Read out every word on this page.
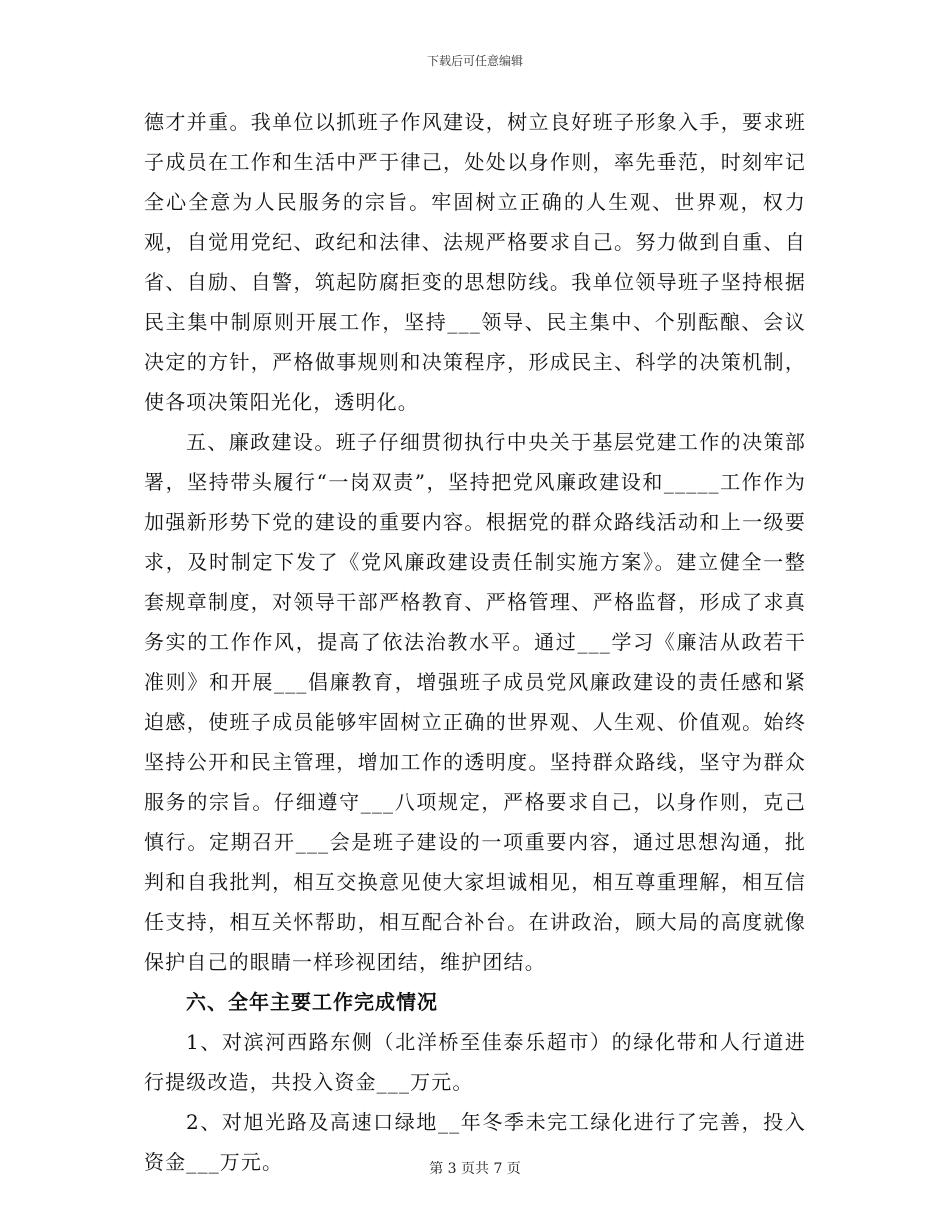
下载后可任意编辑

德才并重。我单位以抓班子作风建设，树立良好班子形象入手，要求班子成员在工作和生活中严于律己，处处以身作则，率先垂范，时刻牢记全心全意为人民服务的宗旨。牢固树立正确的人生观、世界观，权力观，自觉用党纪、政纪和法律、法规严格要求自己。努力做到自重、自省、自励、自警，筑起防腐拒变的思想防线。我单位领导班子坚持根据民主集中制原则开展工作，坚持___领导、民主集中、个别酝酿、会议决定的方针，严格做事规则和决策程序，形成民主、科学的决策机制，使各项决策阳光化，透明化。

五、廉政建设。班子仔细贯彻执行中央关于基层党建工作的决策部署，坚持带头履行“一岗双责”，坚持把党风廉政建设和_____工作作为加强新形势下党的建设的重要内容。根据党的群众路线活动和上一级要求，及时制定下发了《党风廉政建设责任制实施方案》。建立健全一整套规章制度，对领导干部严格教育、严格管理、严格监督，形成了求真务实的工作作风，提高了依法治教水平。通过___学习《廉洁从政若干准则》和开展___倡廉教育，增强班子成员党风廉政建设的责任感和紧迫感，使班子成员能够牢固树立正确的世界观、人生观、价值观。始终坚持公开和民主管理，增加工作的透明度。坚持群众路线，坚守为群众服务的宗旨。仔细遵守___八项规定，严格要求自己，以身作则，克己慎行。定期召开___会是班子建设的一项重要内容，通过思想沟通，批判和自我批判，相互交换意见使大家坦诚相见，相互尊重理解，相互信任支持，相互关怀帮助，相互配合补台。在讲政治，顾大局的高度就像保护自己的眼睛一样珍视团结，维护团结。

六、全年主要工作完成情况

1、对滨河西路东侧（北洋桥至佳泰乐超市）的绿化带和人行道进行提级改造，共投入资金___万元。

2、对旭光路及高速口绿地__年冬季未完工绿化进行了完善，投入资金___万元。	第 3 页共 7 页
